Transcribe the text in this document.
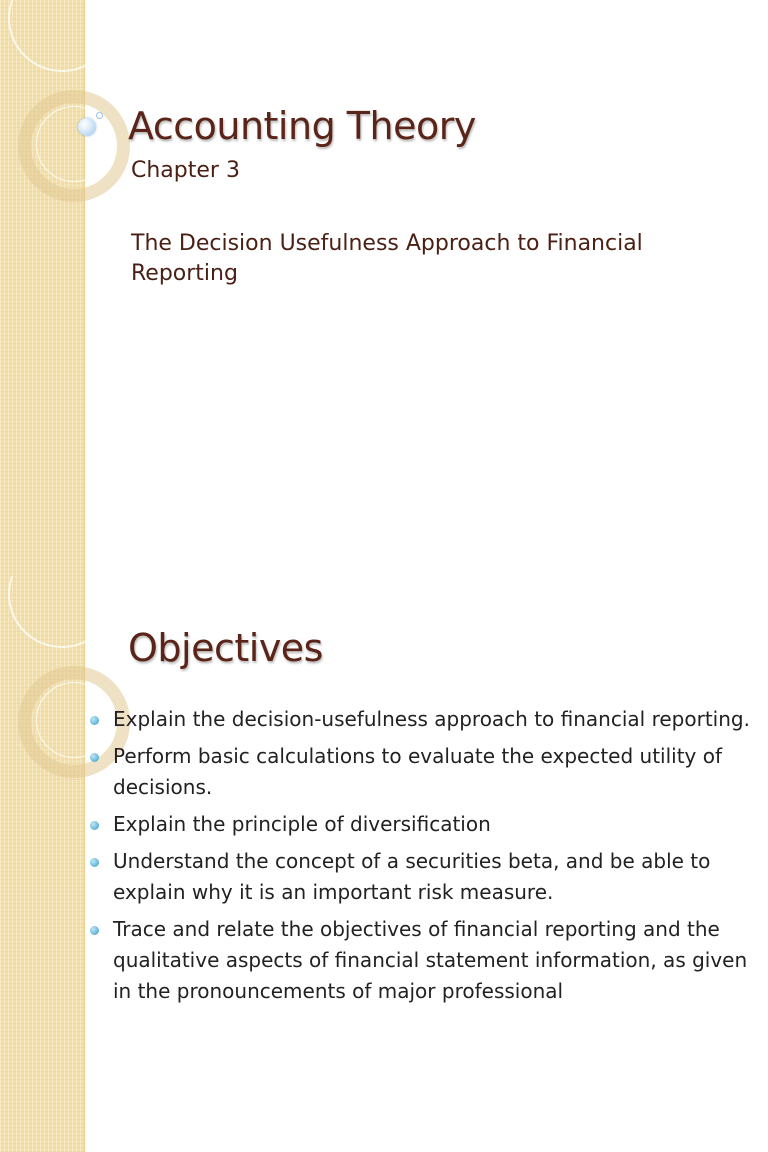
Accounting Theory

Chapter 3

The Decision Usefulness Approach to Financial Reporting

Objectives
Explain the decision-usefulness approach to financial reporting.
Perform basic calculations to evaluate the expected utility of decisions.
Explain the principle of diversification
Understand the concept of a securities beta, and be able to explain why it is an important risk measure.
Trace and relate the objectives of financial reporting and the qualitative aspects of financial statement information, as given in the pronouncements of major professional
